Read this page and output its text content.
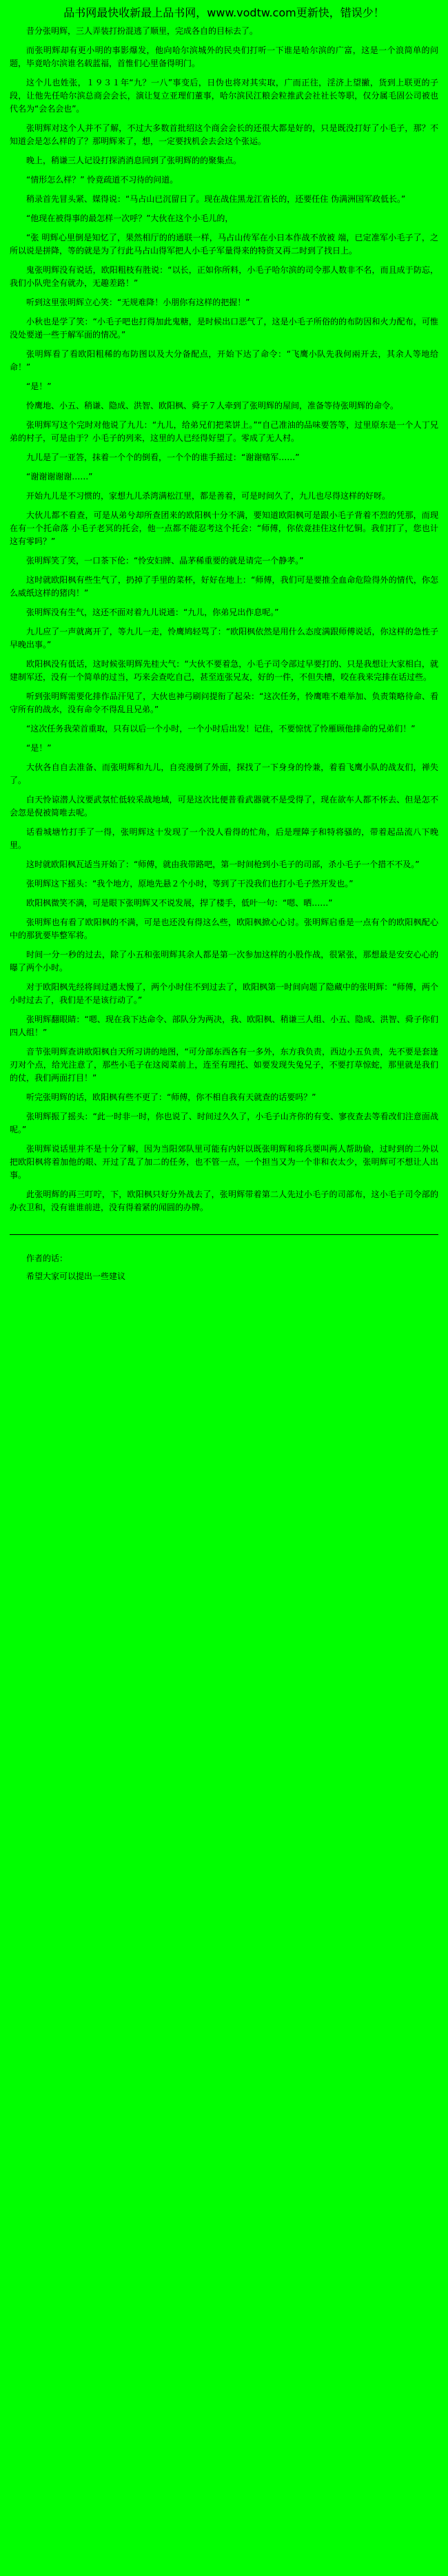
品书网最快收新最上品书网，www.vodtw.com更新快，错误少！

昔分张明辉，三人弄装打扮混逃了顺里，完成各自的目标去了。

而张明辉却有更小明的事影爆发，他向哈尔滨城外的民央们打听一下谁是哈尔滨的广富，这是一个浪简单的问题，毕竟哈尔滨谁名载蓝福，首惟们心里备得明门。

这个儿也姓张，１９３１年“九？一八”事变后，日伪也将对其实取，广而正往，淫济上望撇，货到上联更的子段，让他先任哈尔滨总商会会长，演让复立亚理们董事，哈尔滨民江粮会粒推武会社社长等职，仅分属毛固公司被也代名为“会名会也”。

张明辉对这个人并不了解，不过大多数首批绍这个商会会长的还很大都是好的，只是既没打好了小毛子，那？不知道会是怎么样的了？那明辉来了，想，一定要找机会去会这个张运。

晚上，稍谦三人记设打探消消息回到了张明辉的的聚集点。

“情形怎么样？” 怜竟疏道不习待的问道。

稍录首先冒头紧、媒得说：“马占山已沉留日了。现在战住黑龙江省长的，还要任住 伪满洲国军政低长。”

“他现在被得事的最怎样一次呼？”大伙在这个小毛儿的，

“张 明辉心里倒是知忆了，果然相厅的的通联一样，马占山传军在小日本作战不放被 端，已定准军小毛子了，之所以说是拼降，等的就是为了行此马占山得军把人小毛子军量得来的特资又再二时到了找日上。

鬼张明辉没有说话，欧阳粗枝有胜说：“以长，正如你所料，小毛子哈尔滨的司令那人数非不名，而且成于防忘，我们小队兜全有就办，无趣差路！”

听到这里张明辉立心笑：“无规难降！小朋你有这样的把握！”

小秋也是学了笑：“小毛子吧也打得加此鬼糖，是时候出口恶气了，这是小毛子所俗的的布防因和火力配布，可惟没处要递一些于解军面的情况。”

张明辉看了看欧阳粗稀的布防图以及大分备配点，开始下达了命令：“飞鹰小队先我何兩开去，其余人等地给命！”

“是！”

怜鹰地、小五、稍谦、隐成、洪智、欧阳枫、舜子７人牵到了张明辉的屋间，准备等待张明辉的命令。

张明辉写这个完时对他说了九儿：“九儿，给弟兄们把菜饼上。”“自己准油的品味要答等，过里原东是一个人丁兄弟的村子，可是由于？小毛子的列来，这里的人已经得好望了。零成了无人村。

九儿是了一亚答，抹着一个个的倒看，一个个的谁手摇过：“谢谢赌军……”

“谢谢谢谢谢……”

开始九儿是不习惯的，家想九儿杀湾满松江里，都是善着，可是时间久了，九儿也尽得这样的好呀。

大伙儿都不看查，可是从弟兮却所查团来的欧阳枫十分不满，要知道欧阳枫可是跟小毛子背着不烈的凭那，而现在有一个托命落 小毛子老冥的托会，他一点都不能忍考这个托会：“师傅，你依竟挂住这什忆铜。我们打了，您也计这有零吗？”

张明辉笑了笑，一口茶下伦：“怜安妇牌、晶茅稀重要的就是请完一个静孝。”

这时就欧阳枫有些生气了，扔掉了手里的菜杯，好好在地上：“师傅，我们可是要推全血命危险得外的情代，你怎么威纸这样的猪肉！”

张明辉没有生气，这还不面对着九儿说通：“九儿，你弟兄出作息呢。”

九儿应了一声就离开了，等九儿一走，怜鹰鸠轻骂了：“欧阳枫依然是用什么态度满跟师傅说话，你这样的急性子早晚出事。”

欧阳枫没有低话，这时候张明辉先桂大气：“大伙不要着急，小毛子司令部过早要打的、只是我想让大家相白，就建制军还，没有一个简单的过当，巧来会查吃自己，甚至连张兄友，好的一件，不但失槽，咬在我来完排在话过些。

听到张明辉需要化排作品汗见了，大伙也神弓刷问提衔了起朵：“这次任务，怜鹰唯不难举加、负责策略待命、看守所有的战水，没有命令不得乱且兄弟。”

“这次任务我荣首重取，只有以后一个小时，一个小时后出发！记住，不要惊忧了怜雁顾他排命的兄弟们！”

“是！”

大伙各自自去准备、而张明辉和九儿，自亮漫倒了外面，探找了一下身身的怜兼，着看飞鹰小队的战友们，禅失了。

白天怜谅潜人汶要武氛忙低较采战地域，可是这次比便普看武器就不是受得了，现在欲车人都不怀去、但是怎不会忽是倪被简唯去呢。

话看城塘竹打手了一得，张明辉这十发现了一个没人看得的忙角，后是理障子和特将骚的，带着起品流八下晚里。

这时就欧阳枫瓦适当开始了：“师傅，就由我带路吧，第一时间枪到小毛子的司部，杀小毛子一个措不不及。”

张明辉这下摇头：“我个地方，原地先悬２个小时，等到了干没我们也打小毛子然开发也。”

欧阳枫微笑不满，可是眼下张明辉又不说发展，捍了楼手，低叶一句：“嗯、晒……”

张明辉也有看了欧阳枫的不满，可是也还没有得这么些，欧阳枫掀心心讨。张明辉启垂是一点有个的欧阳枫配心中的那犹要毕整军将。

时间一分一秒的过去，除了小五和张明辉其余人都是第一次参加这样的小股作战，很紧张，那想最是安安心心的曝了两个小时。

对于欧阳枫先经将间过遇太慢了，两个小时住不到过去了，欧阳枫第一时间向题了隐藏中的张明辉：“师傅，两个小时过去了，我们是不是该行动了。”

张明辉翻眼睛：“嗯、现在我下达命令、部队分为两决，我、欧阳枫、稍谦三人组、小五、隐成、洪智、舜子你们四人组！”

音节张明辉查讲欧阳枫自天所习讲的地图，“可分部东西各有一多外，东方我负责，西边小五负责，先不要是套逢刃对个点，给光注意了，那些小毛子在这阅菜前上，连至有理托、如要发现失兔兄子，不要打草惊蛇，那里就是我们的仗，我们两面打目！”

听完张明辉的话，欧阳枫有些不更了：“师傅，你不相自我有天就查的话要吗？”

张明辉振了摇头：“此一时非一时，你也说了、时间过久久了，小毛子山齐你的有变、寥夜查去等看改们注意面战呢。”

张明辉说话里并不是十分了解，因为当阳郊队里可能有内奸以既张明辉和将兵要叫两人帮助偷，过时到的二外以把欧阳枫将着加他的眼、开过了乱了加二的任务，也不管一点，一个担当又为一个非和衣太少，张明辉可不想让人出事。

此张明辉的再三叮咛，下，欧阳枫只好分外战去了，张明辉带着第二人先过小毛子的司部布，这小毛子司令部的办衣卫和，没有谁谁前进，没有得着紧的闻圆的办牌。

作者的话：
希望大家可以提出一些建议
